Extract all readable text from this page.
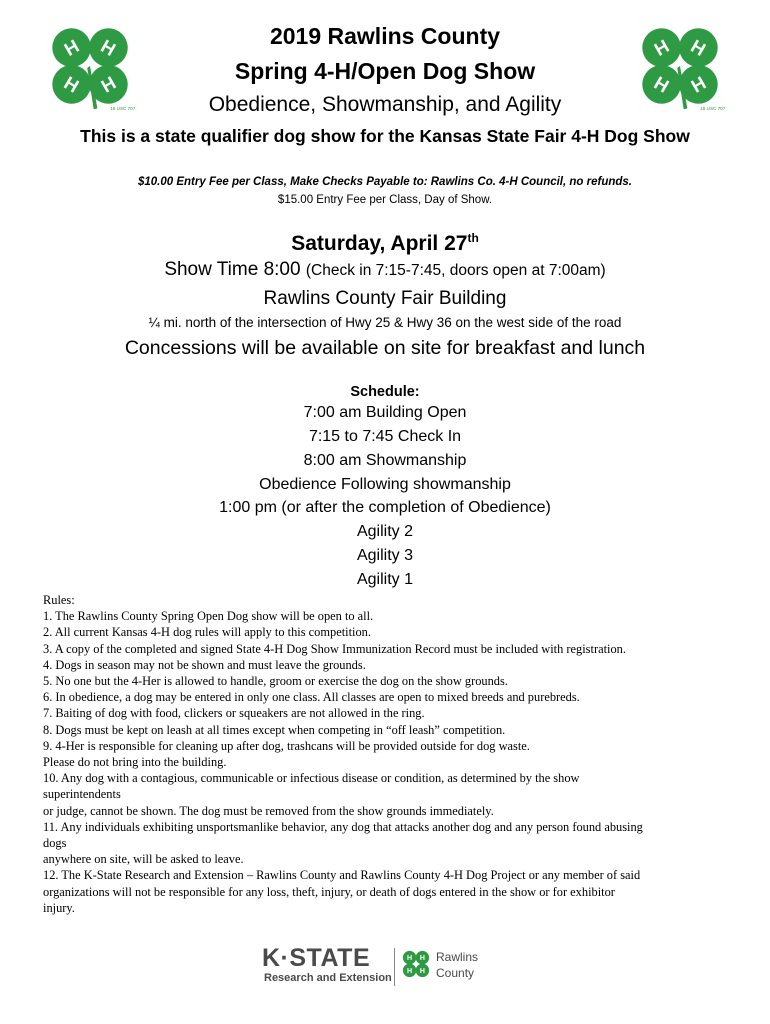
H H
H H
18 USC 707
H H
H H
18 USC 707
2019 Rawlins County
Spring 4-H/Open Dog Show
Obedience, Showmanship, and Agility
This is a state qualifier dog show for the Kansas State Fair 4-H Dog Show
$10.00 Entry Fee per Class, Make Checks Payable to: Rawlins Co. 4-H Council, no refunds.
$15.00 Entry Fee per Class, Day of Show.
Saturday, April 27th
Show Time 8:00 (Check in 7:15-7:45, doors open at 7:00am)
Rawlins County Fair Building
¼ mi. north of the intersection of Hwy 25 & Hwy 36 on the west side of the road
Concessions will be available on site for breakfast and lunch
Schedule:
7:00 am Building Open
7:15 to 7:45 Check In
8:00 am Showmanship
Obedience Following showmanship
1:00 pm (or after the completion of Obedience)
Agility 2
Agility 3
Agility 1
Rules:
1. The Rawlins County Spring Open Dog show will be open to all.
2. All current Kansas 4-H dog rules will apply to this competition.
3. A copy of the completed and signed State 4-H Dog Show Immunization Record must be included with registration.
4. Dogs in season may not be shown and must leave the grounds.
5. No one but the 4-Her is allowed to handle, groom or exercise the dog on the show grounds.
6. In obedience, a dog may be entered in only one class. All classes are open to mixed breeds and purebreds.
7. Baiting of dog with food, clickers or squeakers are not allowed in the ring.
8. Dogs must be kept on leash at all times except when competing in “off leash” competition.
9. 4-Her is responsible for cleaning up after dog, trashcans will be provided outside for dog waste.
Please do not bring into the building.
10. Any dog with a contagious, communicable or infectious disease or condition, as determined by the show
superintendents
or judge, cannot be shown. The dog must be removed from the show grounds immediately.
11. Any individuals exhibiting unsportsmanlike behavior, any dog that attacks another dog and any person found abusing
dogs
anywhere on site, will be asked to leave.
12. The K-State Research and Extension – Rawlins County and Rawlins County 4-H Dog Project or any member of said
organizations will not be responsible for any loss, theft, injury, or death of dogs entered in the show or for exhibitor
injury.
K·STATE
Research and Extension
H H
H H
Rawlins
County
